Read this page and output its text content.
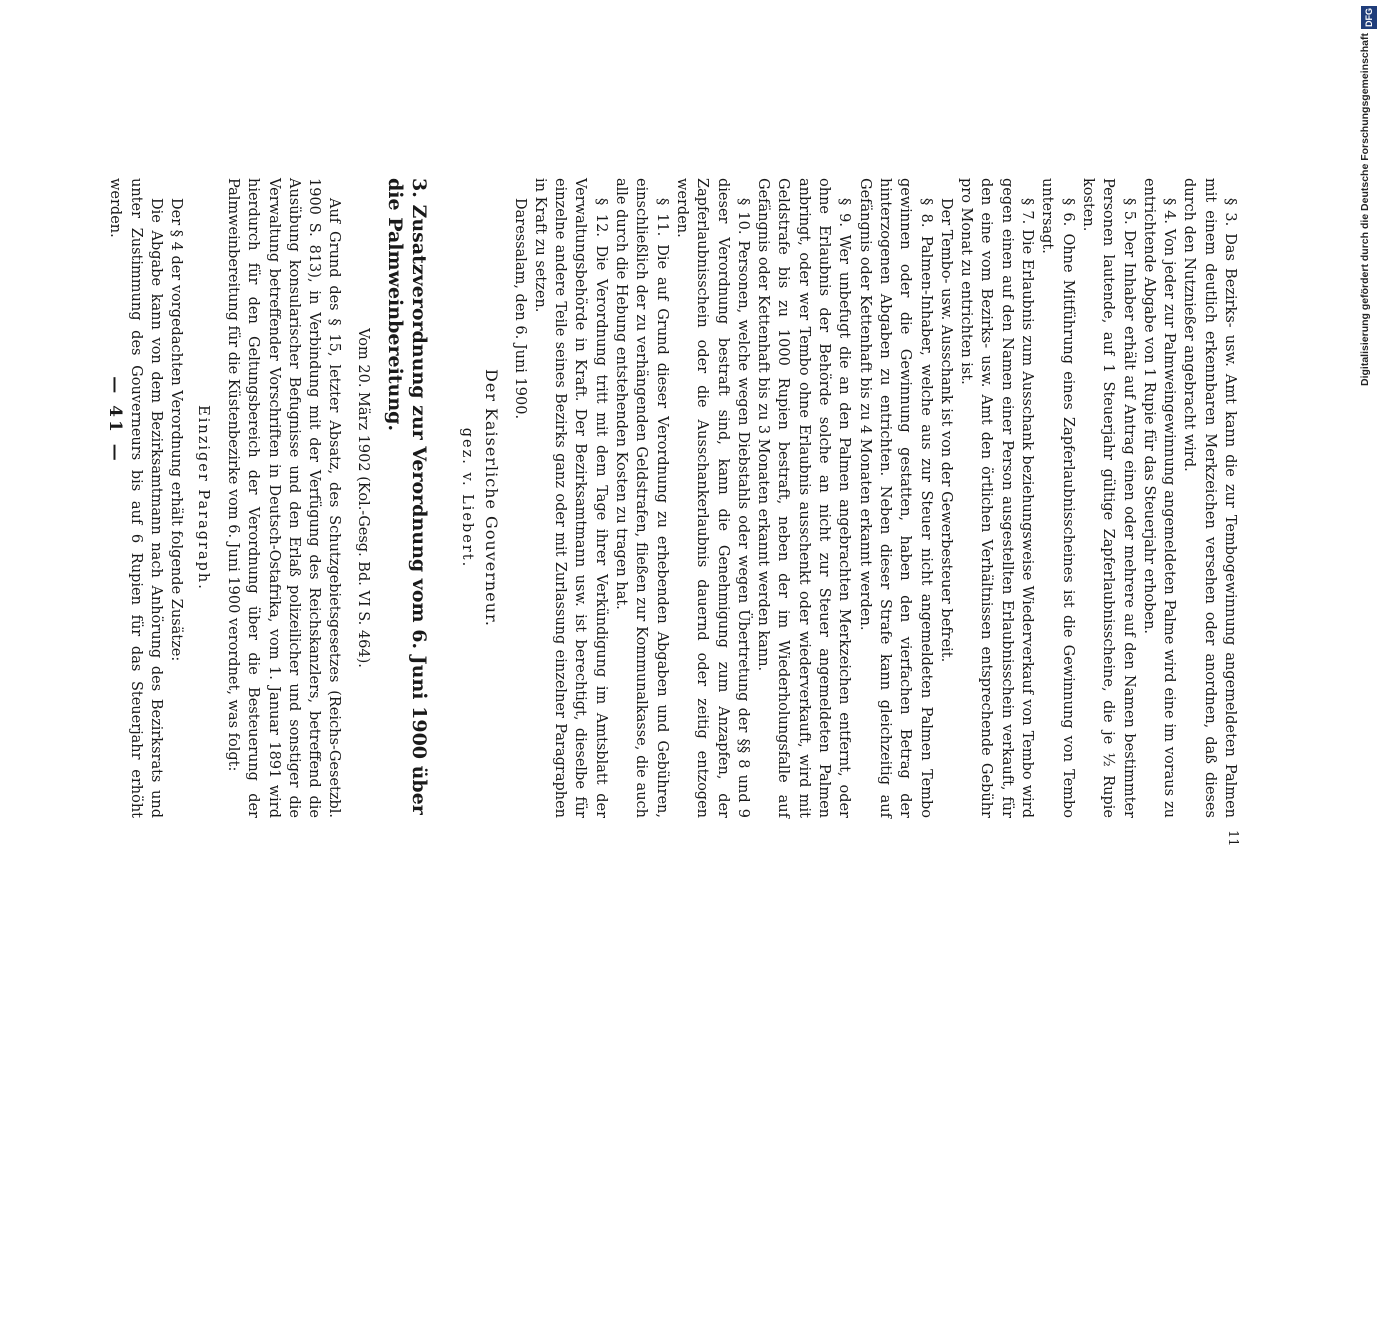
— 41 —	§ 3. Das Bezirks- usw. Amt kann die zur Tembogewinnung angemeldeten Palmen mit einem deutlich erkennbaren Merkzeichen versehen oder anordnen, daß dieses durch den Nutznießer angebracht wird.

§ 4. Von jeder zur Palmweingewinnung angemeldeten Palme wird eine im voraus zu entrichtende Abgabe von 1 Rupie für das Steuerjahr erhoben.

§ 5. Der Inhaber erhält auf Antrag einen oder mehrere auf den Namen bestimmter Personen lautende, auf 1 Steuerjahr gültige Zapferlaubnisscheine, die je ½ Rupie kosten.

§ 6. Ohne Mitführung eines Zapferlaubnisscheines ist die Gewinnung von Tembo untersagt.

§ 7. Die Erlaubnis zum Ausschank beziehungsweise Wiederverkauf von Tembo wird gegen einen auf den Namen einer Person ausgestellten Erlaubnisschein verkauft, für den eine vom Bezirks- usw. Amt den örtlichen Verhältnissen entsprechende Gebühr pro Monat zu entrichten ist.

Der Tembo- usw. Ausschank ist von der Gewerbesteuer befreit.

§ 8. Palmen-Inhaber, welche aus zur Steuer nicht angemeldeten Palmen Tembo gewinnen oder die Gewinnung gestatten, haben den vierfachen Betrag der hinterzogenen Abgaben zu entrichten. Neben dieser Strafe kann gleichzeitig auf Gefängnis oder Kettenhaft bis zu 4 Monaten erkannt werden.

§ 9. Wer unbefugt die an den Palmen angebrachten Merkzeichen entfernt, oder ohne Erlaubnis der Behörde solche an nicht zur Steuer angemeldeten Palmen anbringt, oder wer Tembo ohne Erlaubnis ausschenkt oder wiederverkauft, wird mit Geldstrafe bis zu 1000 Rupien bestraft, neben der im Wiederholungsfalle auf Gefängnis oder Kettenhaft bis zu 3 Monaten erkannt werden kann.

§ 10. Personen, welche wegen Diebstahls oder wegen Übertretung der §§ 8 und 9 dieser Verordnung bestraft sind, kann die Genehmigung zum Anzapfen, der Zapferlaubnisschein oder die Ausschankerlaubnis dauernd oder zeitig entzogen werden.

§ 11. Die auf Grund dieser Verordnung zu erhebenden Abgaben und Gebühren, einschließlich der zu verhängenden Geldstrafen, fließen zur Kommunalkasse, die auch alle durch die Hebung entstehenden Kosten zu tragen hat.

§ 12. Die Verordnung tritt mit dem Tage ihrer Verkündigung im Amtsblatt der Verwaltungsbehörde in Kraft. Der Bezirksamtmann usw. ist berechtigt, dieselbe für einzelne andere Teile seines Bezirks ganz oder mit Zurlassung einzelner Paragraphen in Kraft zu setzen.

Daressalam, den 6. Juni 1900.

Der Kaiserliche Gouverneur.

gez. v. Liebert.

3. Zusatzverordnung zur Verordnung vom 6. Juni 1900 über die Palmweinbereitung.

Vom 20. März 1902 (Kol.-Gesg. Bd. VI S. 464).

Auf Grund des § 15, letzter Absatz, des Schutzgebietsgesetzes (Reichs-Gesetzbl. 1900 S. 813), in Verbindung mit der Verfügung des Reichskanzlers, betreffend die Ausübung konsularischer Befugnisse und den Erlaß polizeilicher und sonstiger die Verwaltung betreffender Vorschriften in Deutsch-Ostafrika, vom 1. Januar 1891 wird hierdurch für den Geltungsbereich der Verordnung über die Besteuerung der Palmweinbereitung für die Küstenbezirke vom 6. Juni 1900 verordnet, was folgt:

Einziger Paragraph.

Der § 4 der vorgedachten Verordnung erhält folgende Zusätze:

Die Abgabe kann von dem Bezirksamtmann nach Anhörung des Bezirksrats und unter Zustimmung des Gouverneurs bis auf 6 Rupien für das Steuerjahr erhöht werden.

11
DFG
Digitalisierung gefördert durch die Deutsche Forschungsgemeinschaft
